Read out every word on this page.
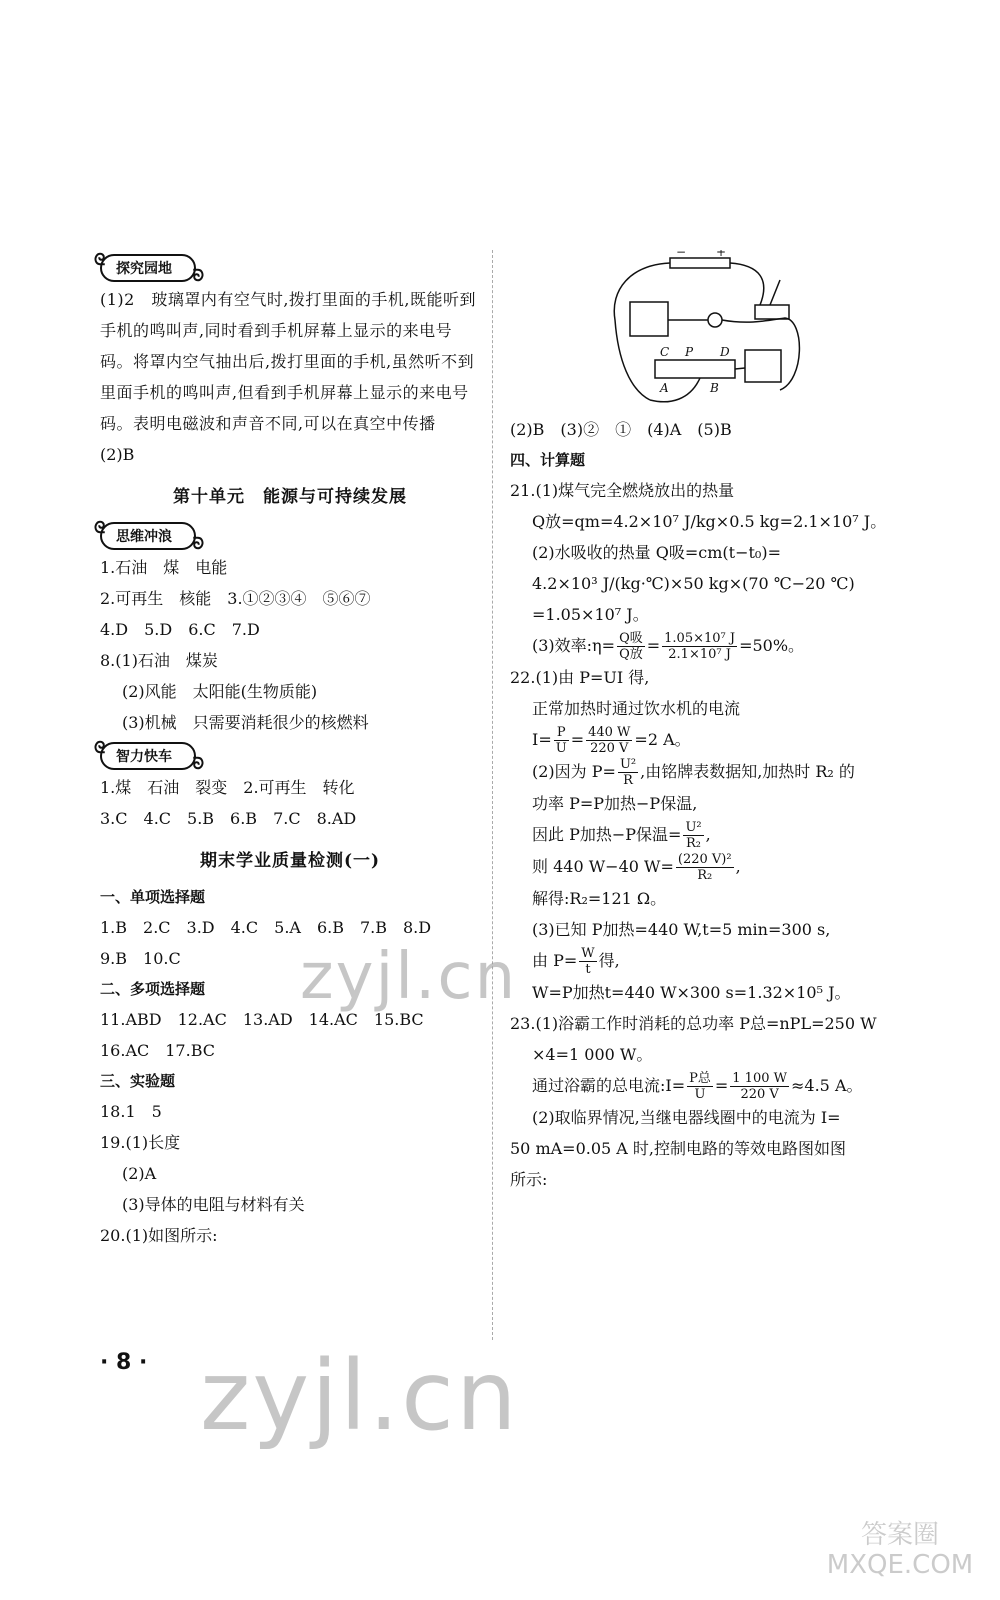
ᘓ 探究园地 ᘐ
(1)2　玻璃罩内有空气时,拨打里面的手机,既能听到手机的鸣叫声,同时看到手机屏幕上显示的来电号码。将罩内空气抽出后,拨打里面的手机,虽然听不到里面手机的鸣叫声,但看到手机屏幕上显示的来电号码。表明电磁波和声音不同,可以在真空中传播
(2)B
第十单元　能源与可持续发展
ᘓ 思维冲浪 ᘐ
1.石油　煤　电能
2.可再生　核能　3.①②③④　⑤⑥⑦
4.D　5.D　6.C　7.D
8.(1)石油　煤炭
(2)风能　太阳能(生物质能)
(3)机械　只需要消耗很少的核燃料
ᘓ 智力快车 ᘐ
1.煤　石油　裂变　2.可再生　转化
3.C　4.C　5.B　6.B　7.C　8.AD
期末学业质量检测(一)
一、单项选择题
1.B　2.C　3.D　4.C　5.A　6.B　7.B　8.D
9.B　10.C
二、多项选择题
11.ABD　12.AC　13.AD　14.AC　15.BC
16.AC　17.BC
三、实验题
18.1　5
19.(1)长度
(2)A
(3)导体的电阻与材料有关
20.(1)如图所示:
− +
C P D
A	B
(2)B　(3)②　①　(4)A　(5)B
四、计算题
21.(1)煤气完全燃烧放出的热量
Q放=qm=4.2×10⁷ J/kg×0.5 kg=2.1×10⁷ J。
(2)水吸收的热量 Q吸=cm(t−t₀)=
4.2×10³ J/(kg·℃)×50 kg×(70 ℃−20 ℃)
=1.05×10⁷ J。
(3)效率:η= $\frac{\text{Q吸}}{\text{Q放}} = \frac{\text{1.05×10⁷ J}}{\text{2.1×10⁷ J}} =50\%$。
22.(1)由 P=UI 得,
正常加热时通过饮水机的电流
$I= \frac{P}{U} = \frac{440 W}{220 V} =2$ A。
(2)因为 $P= \frac{\text{U²}}{R}$ ,由铭牌表数据知,加热时 R₂ 的
功率 P=P加热−P保温,
因此 P加热−P保温= $\frac{\text{U²}}{\text{R₂}}$ ,
则 440 W−40 $W= \frac{\text{(220 V)²}}{\text{R₂}}$ ,
解得:R₂=121 Ω。
(3)已知 P加热=440 W,t=5 min=300 s,
由 $P= \frac{W}{t}$ 得,
W=P加热t=440 W×300 s=1.32×10⁵ J。
23.(1)浴霸工作时消耗的总功率 P总=nPL=250 W
×4=1 000 W。
通过浴霸的总电流:I= $\frac{\text{P总}}{U} = \frac{1 100 W}{220 V} \approx 4.5$ A。
(2)取临界情况,当继电器线圈中的电流为 I=
50 mA=0.05 A 时,控制电路的等效电路图如图
所示:
· 8 ·
zyjl.cn
zyjl.cn
答案圈 MXQE.COM
